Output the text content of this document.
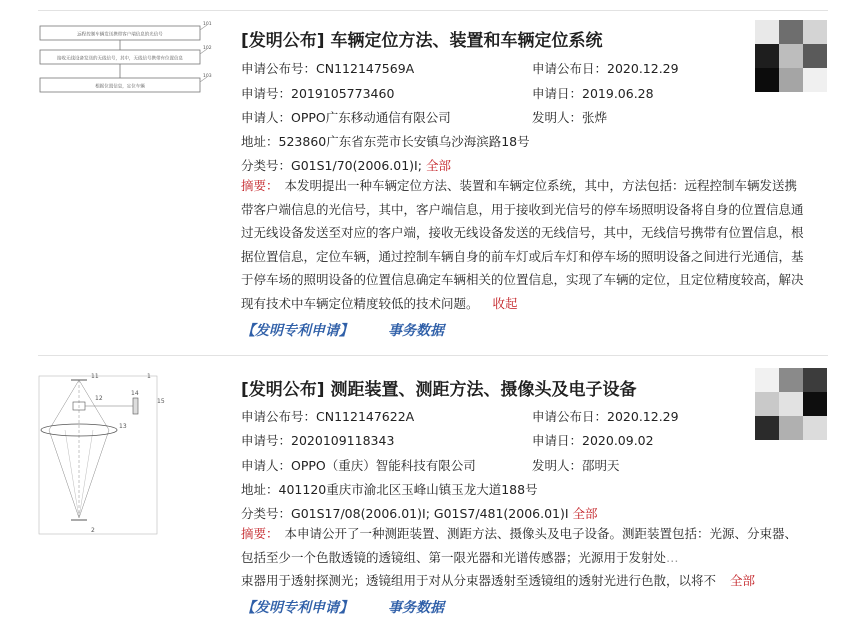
远程控制车辆发送携带客户端信息的光信号
接收无线设备发送的无线信号，其中，无线信号携带有位置信息
根据位置信息，定位车辆
101
102
103
[发明公布] 车辆定位方法、装置和车辆定位系统
申请公布号：CN112147569A	申请公布日：2020.12.29
申请号：2019105773460	申请日：2019.06.28
申请人：OPPO广东移动通信有限公司	发明人：张烨
地址：523860广东省东莞市长安镇乌沙海滨路18号
分类号：G01S1/70(2006.01)I; 全部
摘要： 本发明提出一种车辆定位方法、装置和车辆定位系统，其中，方法包括：远程控制车辆发送携
带客户端信息的光信号，其中，客户端信息，用于接收到光信号的停车场照明设备将自身的位置信息通
过无线设备发送至对应的客户端，接收无线设备发送的无线信号，其中，无线信号携带有位置信息，根
据位置信息，定位车辆，通过控制车辆自身的前车灯或后车灯和停车场的照明设备之间进行光通信，基
于停车场的照明设备的位置信息确定车辆相关的位置信息，实现了车辆的定位，且定位精度较高，解决
现有技术中车辆定位精度较低的技术问题。 收起
【发明专利申请】	事务数据
11	1
12
14
15
13
2
[发明公布] 测距装置、测距方法、摄像头及电子设备
申请公布号：CN112147622A	申请公布日：2020.12.29
申请号：2020109118343	申请日：2020.09.02
申请人：OPPO（重庆）智能科技有限公司	发明人：邵明天
地址：401120重庆市渝北区玉峰山镇玉龙大道188号
分类号：G01S17/08(2006.01)I; G01S7/481(2006.01)I 全部
摘要： 本申请公开了一种测距装置、测距方法、摄像头及电子设备。测距装置包括：光源、分束器、
包括至少一个色散透镜的透镜组、第一限光器和光谱传感器；光源用于发射处…
束器用于透射探测光；透镜组用于对从分束器透射至透镜组的透射光进行色散，以将不 全部
【发明专利申请】	事务数据
